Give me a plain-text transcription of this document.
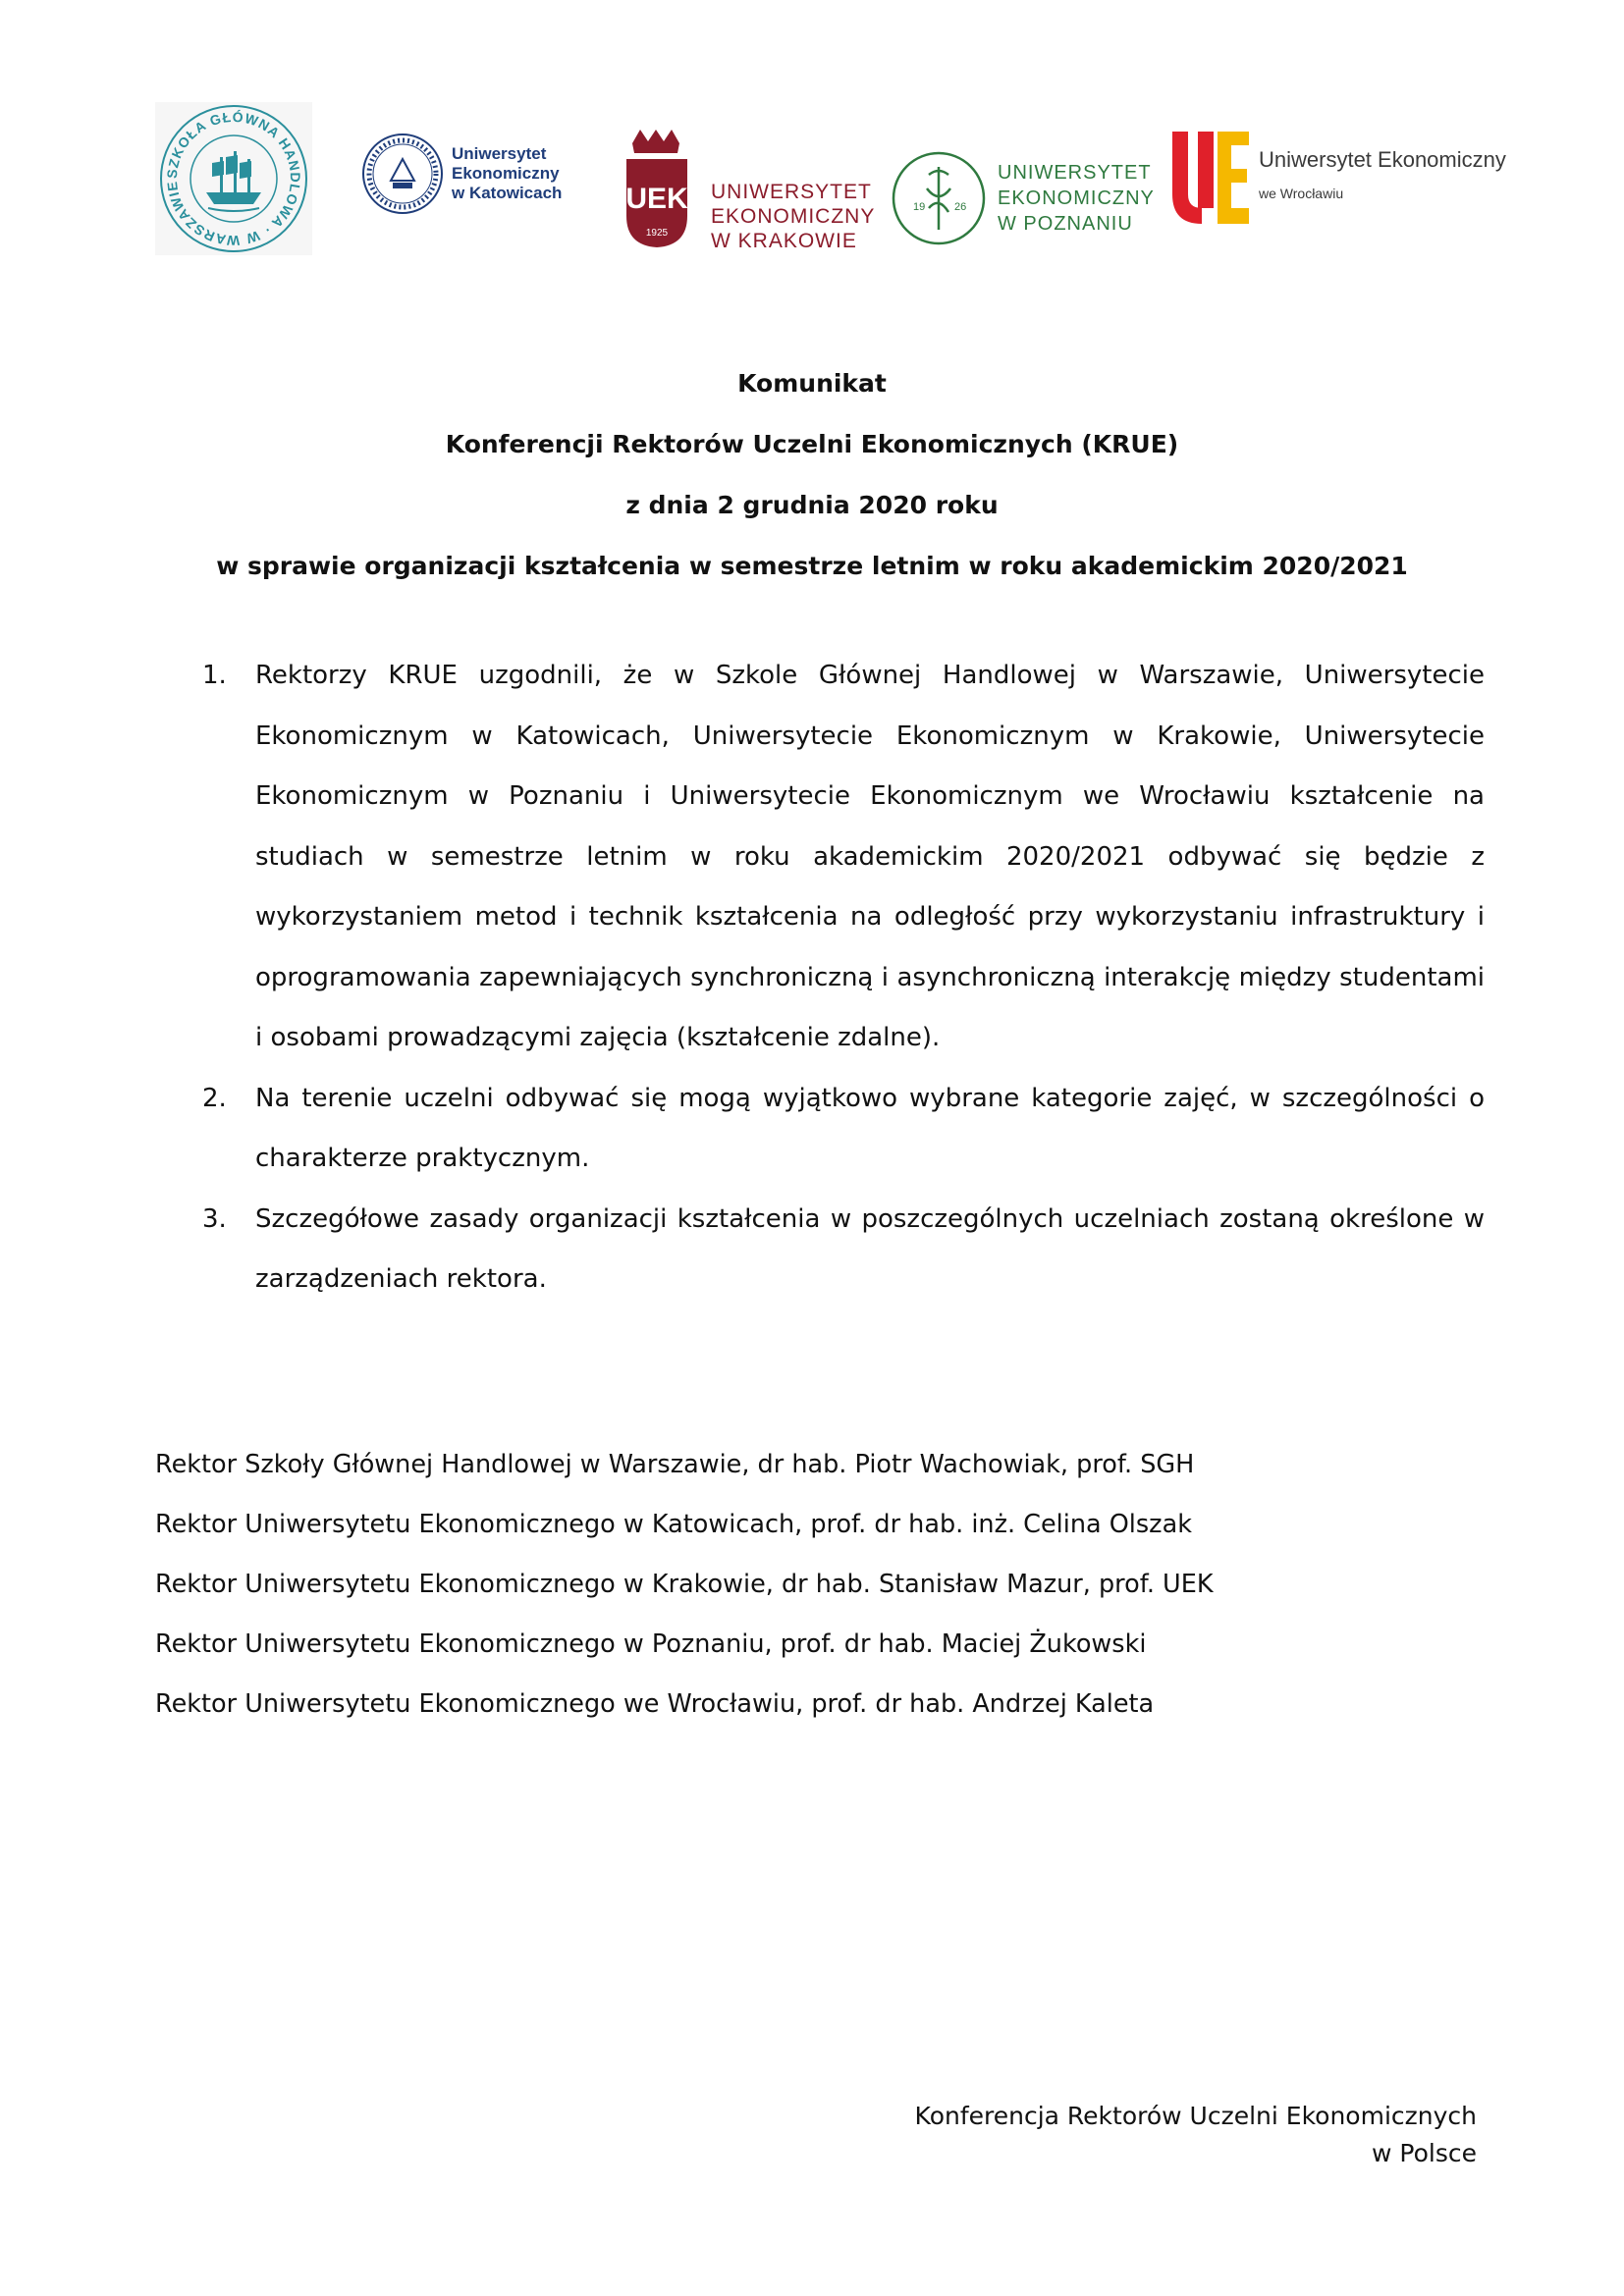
SZKOŁA GŁÓWNA HANDLOWA · W WARSZAWIE
Uniwersytet
Ekonomiczny
w Katowicach UEK
1925
UNIWERSYTET
EKONOMICZNY
W KRAKOWIE
19	26
UNIWERSYTET
EKONOMICZNY
W POZNANIU
Uniwersytet Ekonomiczny
we Wrocławiu
Komunikat
Konferencji Rektorów Uczelni Ekonomicznych (KRUE)
z dnia 2 grudnia 2020 roku
w sprawie organizacji kształcenia w semestrze letnim w roku akademickim 2020/2021
1. Rektorzy KRUE uzgodnili, że w Szkole Głównej Handlowej w Warszawie, Uniwersytecie Ekonomicznym w Katowicach, Uniwersytecie Ekonomicznym w Krakowie, Uniwersytecie Ekonomicznym w Poznaniu i Uniwersytecie Ekonomicznym we Wrocławiu kształcenie na studiach w semestrze letnim w roku akademickim 2020/2021 odbywać się będzie z wykorzystaniem metod i technik kształcenia na odległość przy wykorzystaniu infrastruktury i oprogramowania zapewniających synchroniczną i asynchroniczną interakcję między studentami i osobami prowadzącymi zajęcia (kształcenie zdalne).
2. Na terenie uczelni odbywać się mogą wyjątkowo wybrane kategorie zajęć, w szczególności o charakterze praktycznym.
3. Szczegółowe zasady organizacji kształcenia w poszczególnych uczelniach zostaną określone w zarządzeniach rektora.
Rektor Szkoły Głównej Handlowej w Warszawie, dr hab. Piotr Wachowiak, prof. SGH
Rektor Uniwersytetu Ekonomicznego w Katowicach, prof. dr hab. inż. Celina Olszak
Rektor Uniwersytetu Ekonomicznego w Krakowie, dr hab. Stanisław Mazur, prof. UEK
Rektor Uniwersytetu Ekonomicznego w Poznaniu, prof. dr hab. Maciej Żukowski
Rektor Uniwersytetu Ekonomicznego we Wrocławiu, prof. dr hab. Andrzej Kaleta
Konferencja Rektorów Uczelni Ekonomicznych
w Polsce
